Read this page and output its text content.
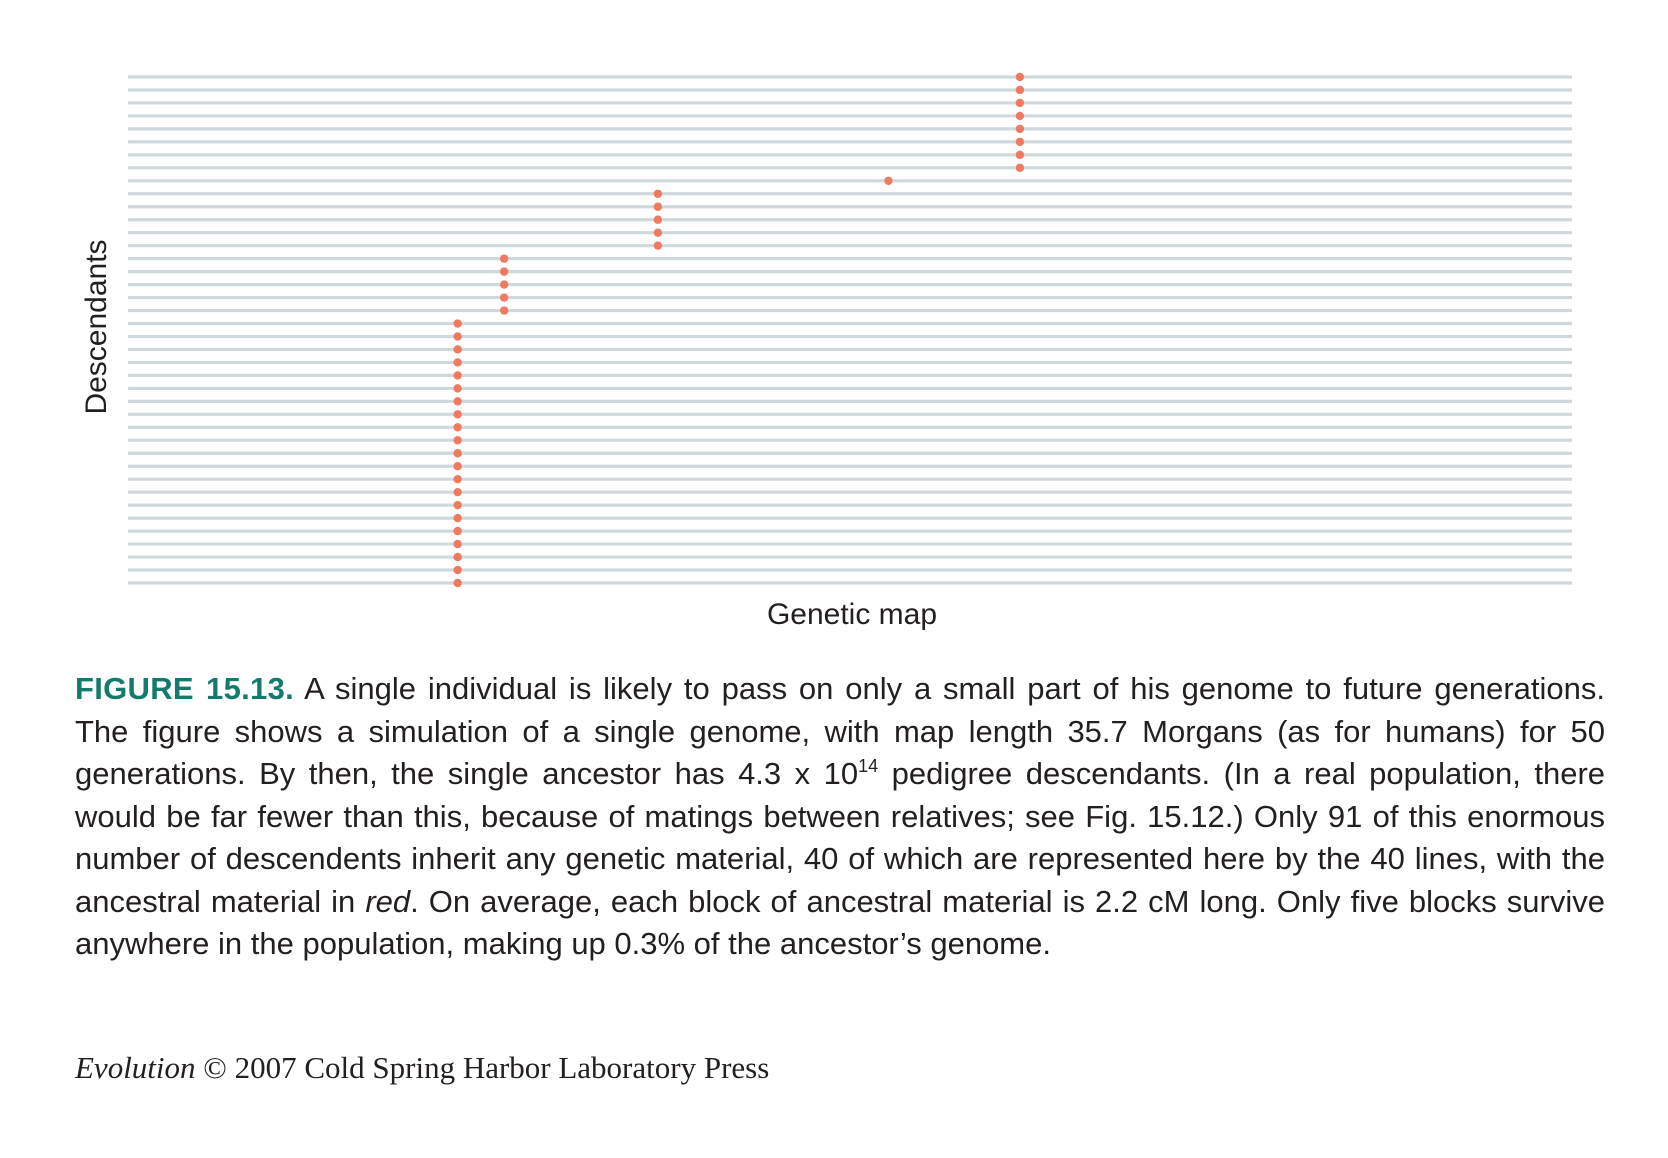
Descendants
Genetic map

FIGURE 15.13. A single individual is likely to pass on only a small part of his genome to future generations. The figure shows a simulation of a single genome, with map length 35.7 Morgans (as for humans) for 50 generations. By then, the single ancestor has 4.3 x $10^{14}$ pedigree descendants. (In a real population, there would be far fewer than this, because of matings between relatives; see Fig. 15.12.) Only 91 of this enormous number of descendents inherit any genetic material, 40 of which are represented here by the 40 lines, with the ancestral material in red. On average, each block of ancestral material is 2.2 cM long. Only five blocks survive anywhere in the population, making up 0.3% of the ancestor’s genome.

Evolution © 2007 Cold Spring Harbor Laboratory Press
